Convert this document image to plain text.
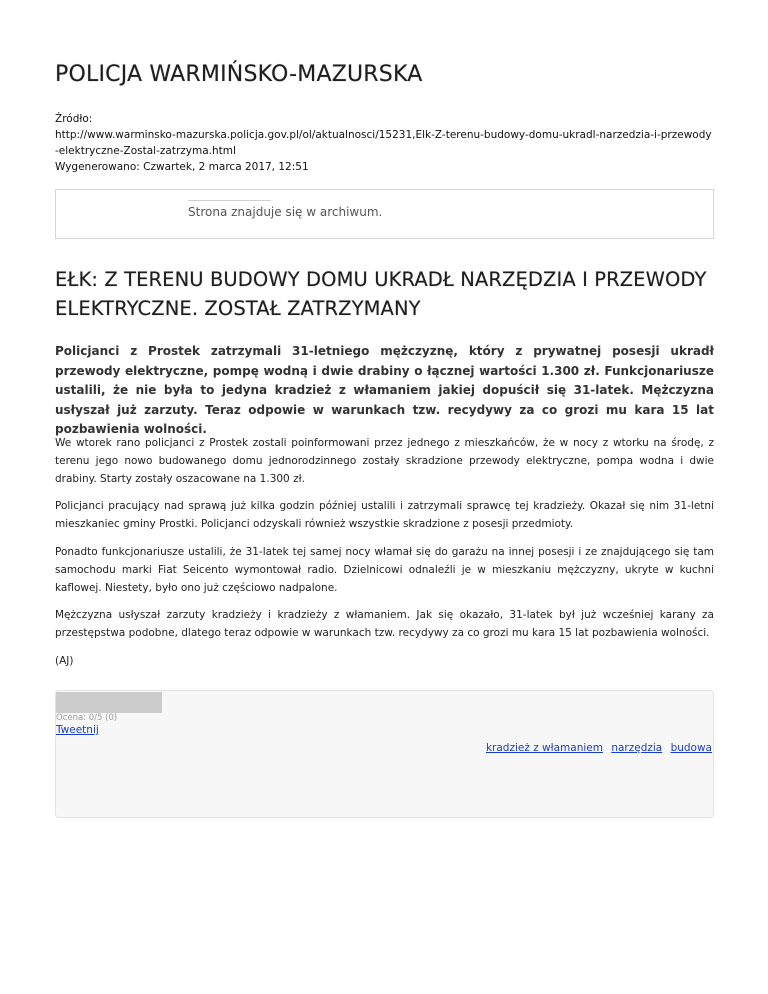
POLICJA WARMIŃSKO-MAZURSKA
Źródło:
http://www.warminsko-mazurska.policja.gov.pl/ol/aktualnosci/15231,Elk-Z-terenu-budowy-domu-ukradl-narzedzia-i-przewody
-elektryczne-Zostal-zatrzyma.html
Wygenerowano: Czwartek, 2 marca 2017, 12:51
Strona znajduje się w archiwum.
EŁK: Z TERENU BUDOWY DOMU UKRADŁ NARZĘDZIA I PRZEWODY ELEKTRYCZNE. ZOSTAŁ ZATRZYMANY

Policjanci z Prostek zatrzymali 31-letniego mężczyznę, który z prywatnej posesji ukradł przewody elektryczne, pompę wodną i dwie drabiny o łącznej wartości 1.300 zł. Funkcjonariusze ustalili, że nie była to jedyna kradzież z włamaniem jakiej dopuścił się 31-latek. Mężczyzna usłyszał już zarzuty. Teraz odpowie w warunkach tzw. recydywy za co grozi mu kara 15 lat pozbawienia wolności.

We wtorek rano policjanci z Prostek zostali poinformowani przez jednego z mieszkańców, że w nocy z wtorku na środę, z terenu jego nowo budowanego domu jednorodzinnego zostały skradzione przewody elektryczne, pompa wodna i dwie drabiny. Starty zostały oszacowane na 1.300 zł.

Policjanci pracujący nad sprawą już kilka godzin później ustalili i zatrzymali sprawcę tej kradzieży. Okazał się nim 31-letni mieszkaniec gminy Prostki. Policjanci odzyskali również wszystkie skradzione z posesji przedmioty.

Ponadto funkcjonariusze ustalili, że 31-latek tej samej nocy włamał się do garażu na innej posesji i ze znajdującego się tam samochodu marki Fiat Seicento wymontował radio. Dzielnicowi odnaleźli je w mieszkaniu mężczyzny, ukryte w kuchni kaflowej. Niestety, było ono już częściowo nadpalone.

Mężczyzna usłyszał zarzuty kradzieży i kradzieży z włamaniem. Jak się okazało, 31-latek był już wcześniej karany za przestępstwa podobne, dlatego teraz odpowie w warunkach tzw. recydywy za co grozi mu kara 15 lat pozbawienia wolności.

(AJ)

Ocena: 0/5 (0)
Tweetnij
kradzież z włamaniem narzędzia budowa
